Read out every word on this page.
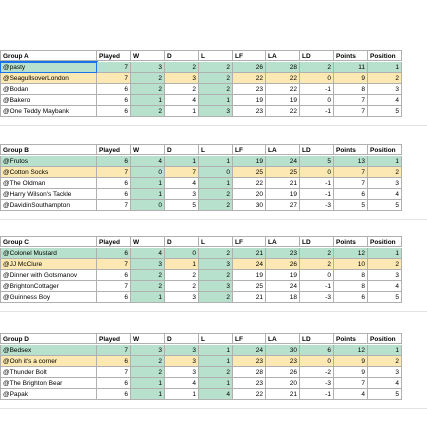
Group A	Played	W	D	L	LF	LA	LD	Points	Position
@pasty	7	3	2	2	26	28	2	11	1
@SeagullsoverLondon	7	2	3	2	22	22	0	9	2
@Bodan	6	2	2	2	23	22	-1	8	3
@Bakero	6	1	4	1	19	19	0	7	4
@One Teddy Maybank	6	2	1	3	23	22	-1	7	5
Group B	Played	W	D	L	LF	LA	LD	Points	Position
@Frutos	6	4	1	1	19	24	5	13	1
@Cotton Socks	7	0	7	0	25	25	0	7	2
@The Oldman	6	1	4	1	22	21	-1	7	3
@Harry Wilson's Tackle	6	1	3	2	20	19	-1	6	4
@DavidinSouthampton	7	0	5	2	30	27	-3	5	5
Group C	Played	W	D	L	LF	LA	LD	Points	Position
@Colonel Mustard	6	4	0	2	21	23	2	12	1
@JJ McClure	7	3	1	3	24	26	2	10	2
@Dinner with Gotsmanov	6	2	2	2	19	19	0	8	3
@BrightonCottager	7	2	2	3	25	24	-1	8	4
@Guinness Boy	6	1	3	2	21	18	-3	6	5
Group D	Played	W	D	L	LF	LA	LD	Points	Position
@Bedsex	7	3	3	1	24	30	6	12	1
@Ooh it's a corner	6	2	3	1	23	23	0	9	2
@Thunder Bolt	7	2	3	2	28	26	-2	9	3
@The Brighton Bear	6	1	4	1	23	20	-3	7	4
@Papak	6	1	1	4	22	21	-1	4	5
